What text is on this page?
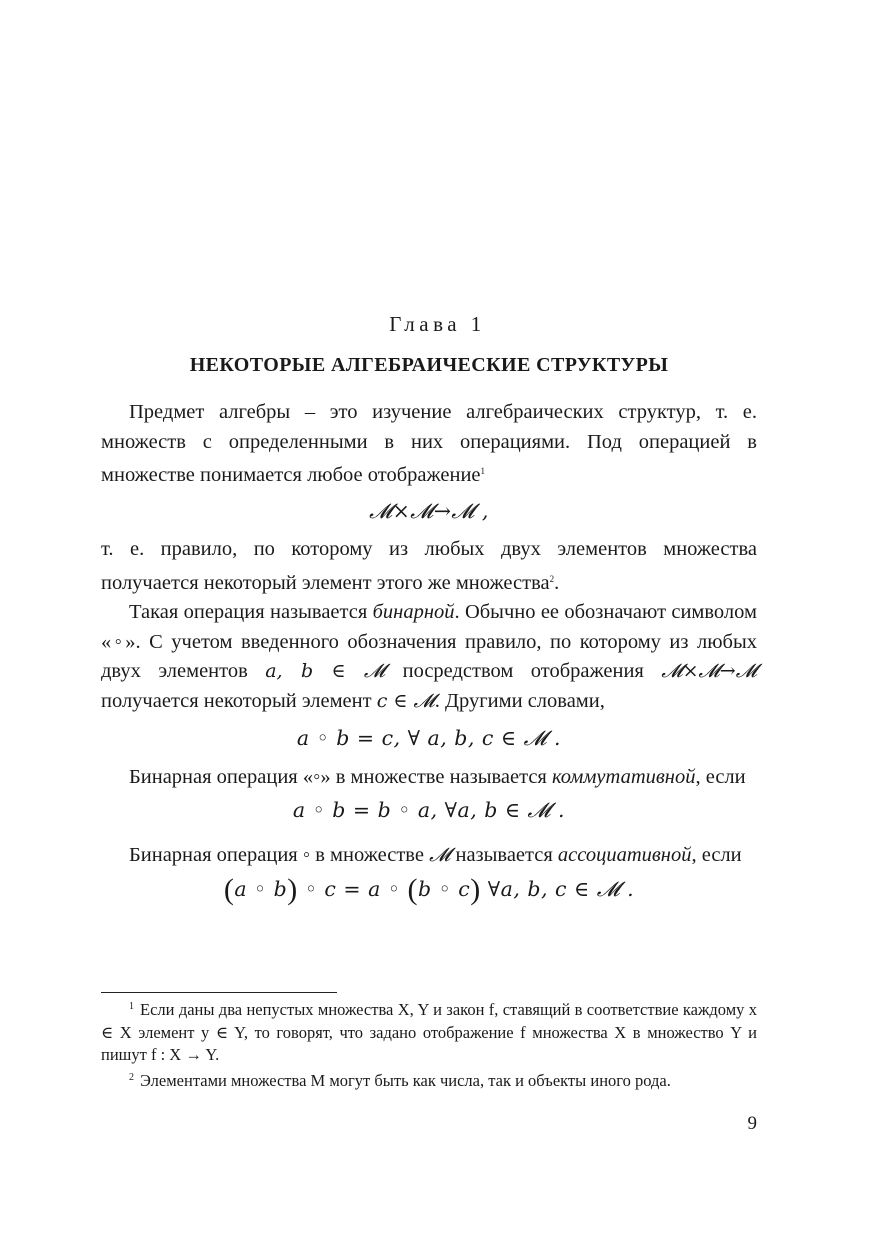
Глава 1
НЕКОТОРЫЕ АЛГЕБРАИЧЕСКИЕ СТРУКТУРЫ

Предмет алгебры – это изучение алгебраических структур, т. е. множеств с определенными в них операциями. Под операцией в множестве понимается любое отображение$^1$

𝓜×𝓜→𝓜 ,

т. е. правило, по которому из любых двух элементов множества получается некоторый элемент этого же множества$^2$.

Такая операция называется бинарной. Обычно ее обозначают символом «◦». С учетом введенного обозначения правило, по которому из любых двух элементов a, b ∈ 𝓜 посредством отображения 𝓜×𝓜→𝓜 получается некоторый элемент c ∈ 𝓜. Другими словами,

a ◦ b = c, ∀ a, b, c ∈ 𝓜 .

Бинарная операция «◦» в множестве называется коммутативной, если

a ◦ b = b ◦ a, ∀a, b ∈ 𝓜 .

Бинарная операция ◦ в множестве 𝓜 называется ассоциативной, если

(a ◦ b) ◦ c = a ◦ (b ◦ c) ∀a, b, c ∈ 𝓜 .

$^1$ Если даны два непустых множества X, Y и закон f, ставящий в соответствие каждому x ∈ X элемент y ∈ Y, то говорят, что задано отображение f множества X в множество Y и пишут f : X → Y.

$^2$ Элементами множества M могут быть как числа, так и объекты иного рода.

9
